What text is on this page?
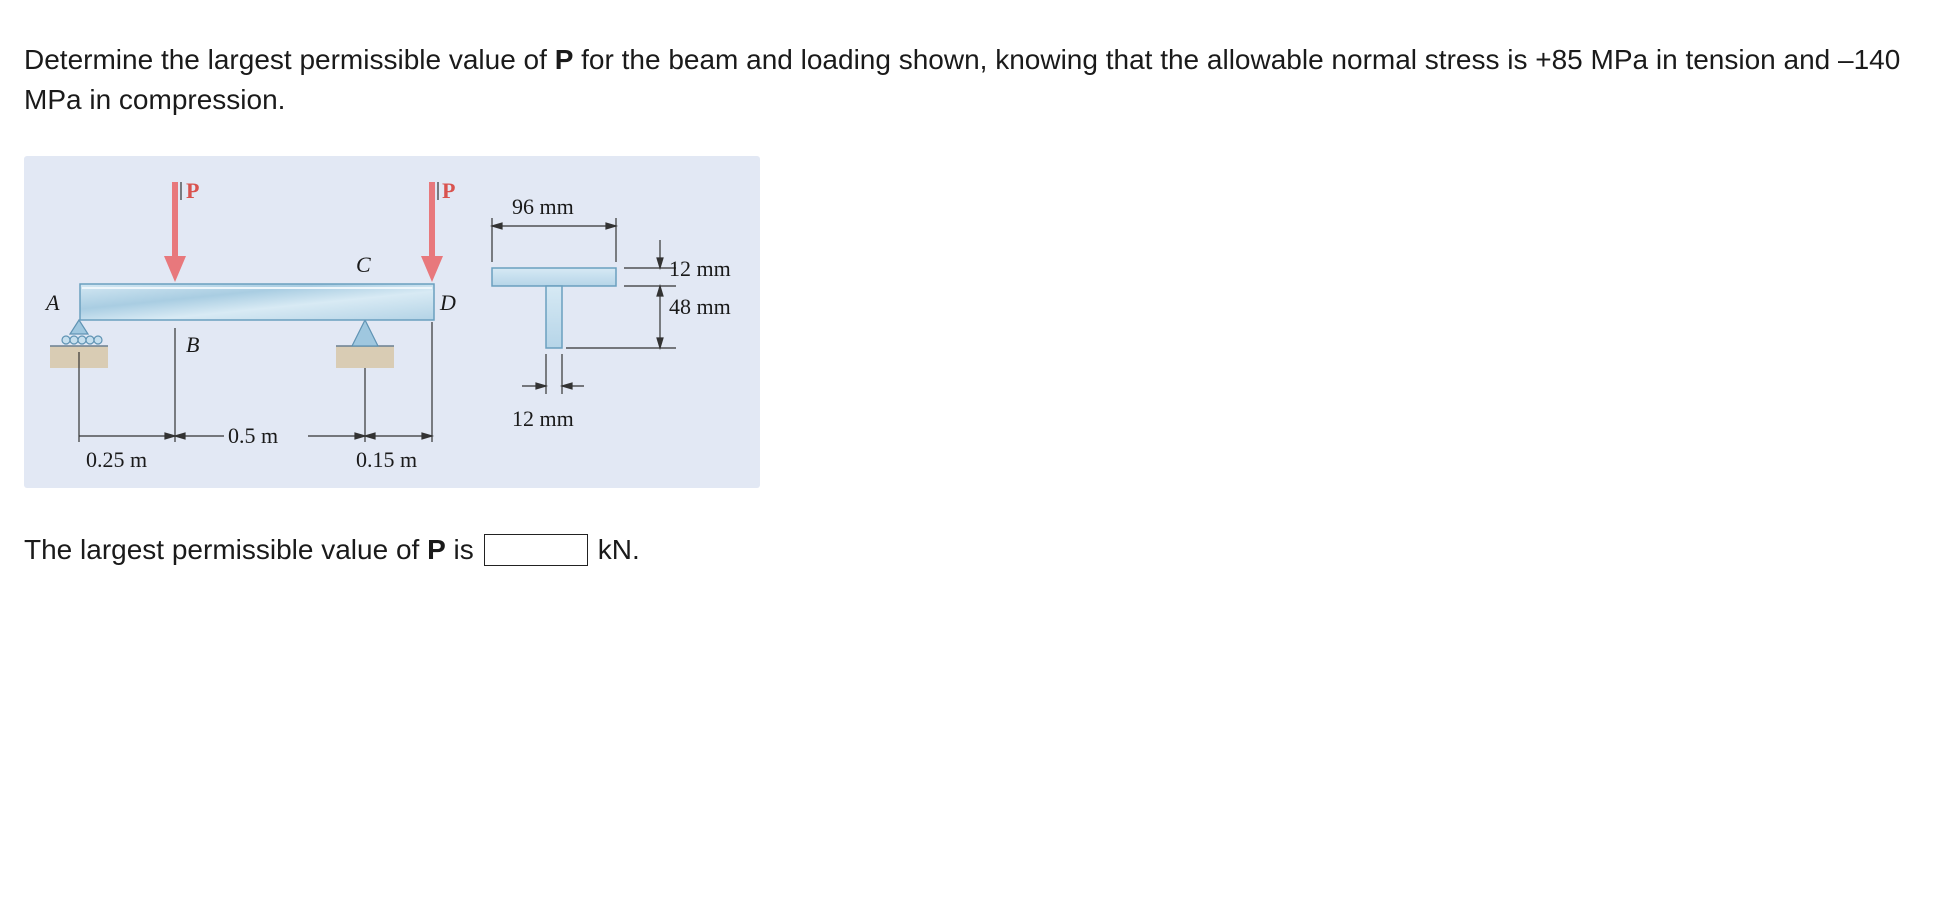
Determine the largest permissible value of P for the beam and loading shown, knowing that the allowable normal stress is +85 MPa in tension and –140 MPa in compression.

P	P
A
B
C
D
0.5 m
0.25 m	0.15 m
96 mm
12 mm
48 mm
12 mm
The largest permissible value of P is	kN.
